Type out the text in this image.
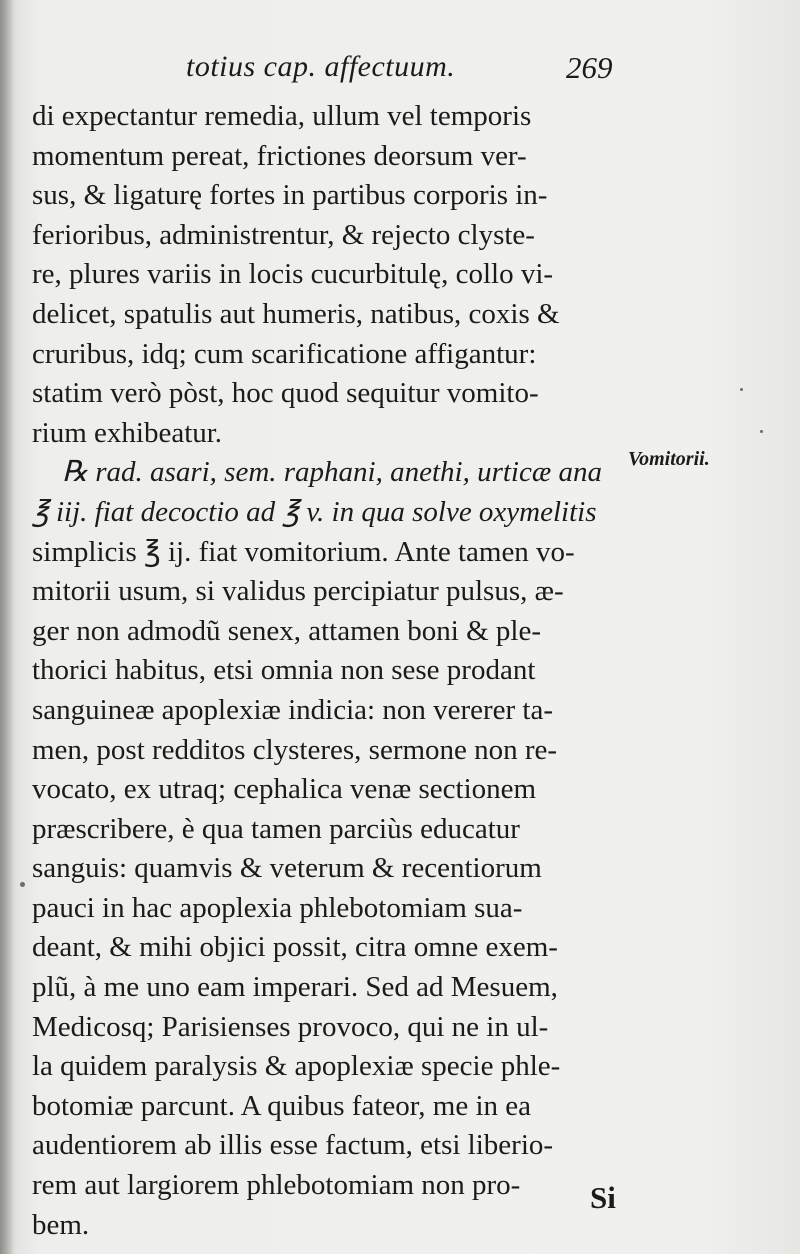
totius cap. affectuum.	269
di expectantur remedia, ullum vel temporis
momentum pereat, frictiones deorsum ver-
sus, & ligaturę fortes in partibus corporis in-
ferioribus, administrentur, & rejecto clyste-
re, plures variis in locis cucurbitulę, collo vi-
delicet, spatulis aut humeris, natibus, coxis &
cruribus, idq; cum scarificatione affigantur:
statim verò pòst, hoc quod sequitur vomito-
rium exhibeatur.
℞ rad. asari, sem. raphani, anethi, urticæ ana
℥ iij. fiat decoctio ad ℥ v. in qua solve oxymelitis
simplicis ℥ ij. fiat vomitorium. Ante tamen vo-
mitorii usum, si validus percipiatur pulsus, æ-
ger non admodũ senex, attamen boni & ple-
thorici habitus, etsi omnia non sese prodant
sanguineæ apoplexiæ indicia: non vererer ta-
men, post redditos clysteres, sermone non re-
vocato, ex utraq; cephalica venæ sectionem
præscribere, è qua tamen parciùs educatur
sanguis: quamvis & veterum & recentiorum
pauci in hac apoplexia phlebotomiam sua-
deant, & mihi objici possit, citra omne exem-
plũ, à me uno eam imperari. Sed ad Mesuem,
Medicosq; Parisienses provoco, qui ne in ul-
la quidem paralysis & apoplexiæ specie phle-
botomiæ parcunt. A quibus fateor, me in ea
audentiorem ab illis esse factum, etsi liberio-
rem aut largiorem phlebotomiam non pro-
bem.
Vomitorii.
Si
